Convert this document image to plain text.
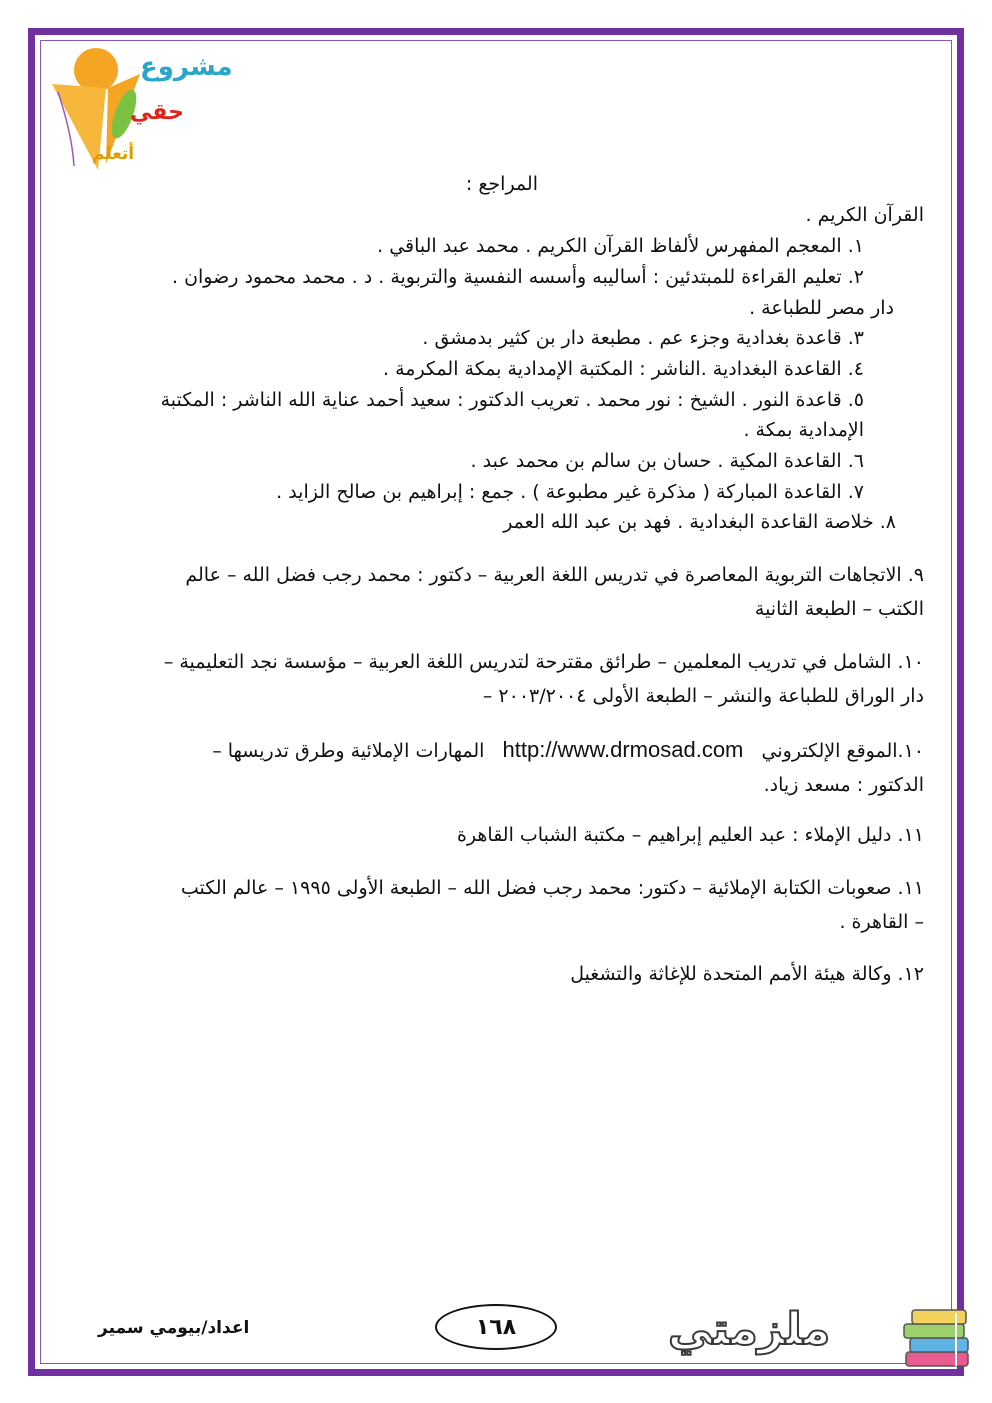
مشروع
حقي
أتعلم
المراجع :
القرآن الكريم .
١. المعجم المفهرس لألفاظ القرآن الكريم . محمد عبد الباقي .
٢. تعليم القراءة للمبتدئين : أساليبه وأسسه النفسية والتربوية . د . محمد محمود رضوان .
دار مصر للطباعة .
٣. قاعدة بغدادية وجزء عم . مطبعة دار بن كثير بدمشق .
٤. القاعدة البغدادية .الناشر : المكتبة الإمدادية بمكة المكرمة .
٥. قاعدة النور . الشيخ : نور محمد . تعريب الدكتور : سعيد أحمد عناية الله الناشر : المكتبة
الإمدادية بمكة .
٦. القاعدة المكية . حسان بن سالم بن محمد عبد .
٧. القاعدة المباركة ( مذكرة غير مطبوعة ) . جمع : إبراهيم بن صالح الزايد .
٨. خلاصة القاعدة البغدادية . فهد بن عبد الله العمر
٩. الاتجاهات التربوية المعاصرة في تدريس اللغة العربية – دكتور : محمد رجب فضل الله – عالم
الكتب – الطبعة الثانية
١٠. الشامل في تدريب المعلمين – طرائق مقترحة لتدريس اللغة العربية – مؤسسة نجد التعليمية –
دار الوراق للطباعة والنشر – الطبعة الأولى ٢٠٠٣/٢٠٠٤ –
١٠.الموقع الإلكتروني   http://www.drmosad.com   المهارات الإملائية وطرق تدريسها –
الدكتور : مسعد زياد.
١١. دليل الإملاء : عبد العليم إبراهيم – مكتبة الشباب القاهرة
١١. صعوبات الكتابة الإملائية – دكتور: محمد رجب فضل الله – الطبعة الأولى ١٩٩٥ – عالم الكتب
– القاهرة .
١٢. وكالة هيئة الأمم المتحدة للإغاثة والتشغيل
١٦٨
اعداد/بيومي سمير	ملزمتي
